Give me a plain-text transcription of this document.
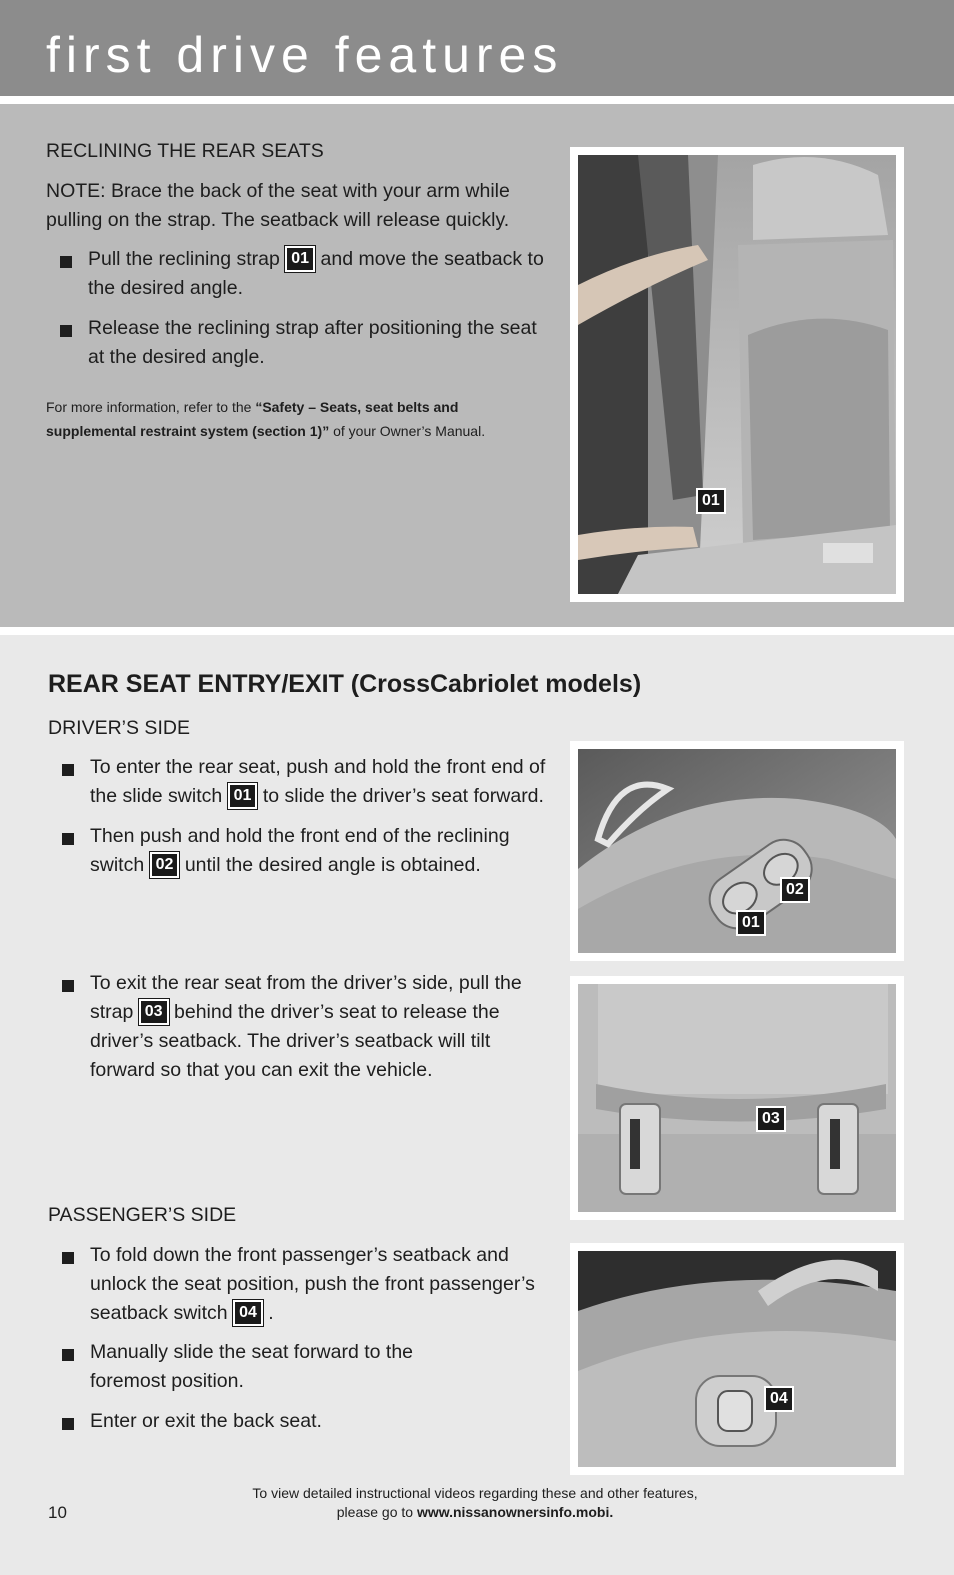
first drive features
RECLINING THE REAR SEATS
NOTE: Brace the back of the seat with your arm while pulling on the strap. The seatback will release quickly.
Pull the reclining strap 01 and move the seatback to the desired angle.
Release the reclining strap after positioning the seat at the desired angle.
For more information, refer to the “Safety – Seats, seat belts and supplemental restraint system (section 1)” of your Owner’s Manual.
01
REAR SEAT ENTRY/EXIT (CrossCabriolet models)
DRIVER’S SIDE
To enter the rear seat, push and hold the front end of the slide switch 01 to slide the driver’s seat forward.
Then push and hold the front end of the reclining switch 02 until the desired angle is obtained.
To exit the rear seat from the driver’s side, pull the strap 03 behind the driver’s seat to release the driver’s seatback. The driver’s seatback will tilt forward so that you can exit the vehicle.
02
01
03
PASSENGER’S SIDE
To fold down the front passenger’s seatback and unlock the seat position, push the front passenger’s seatback switch 04 .
Manually slide the seat forward to the foremost position.
Enter or exit the back seat.
04
To view detailed instructional videos regarding these and other features,
please go to www.nissanownersinfo.mobi.
10
